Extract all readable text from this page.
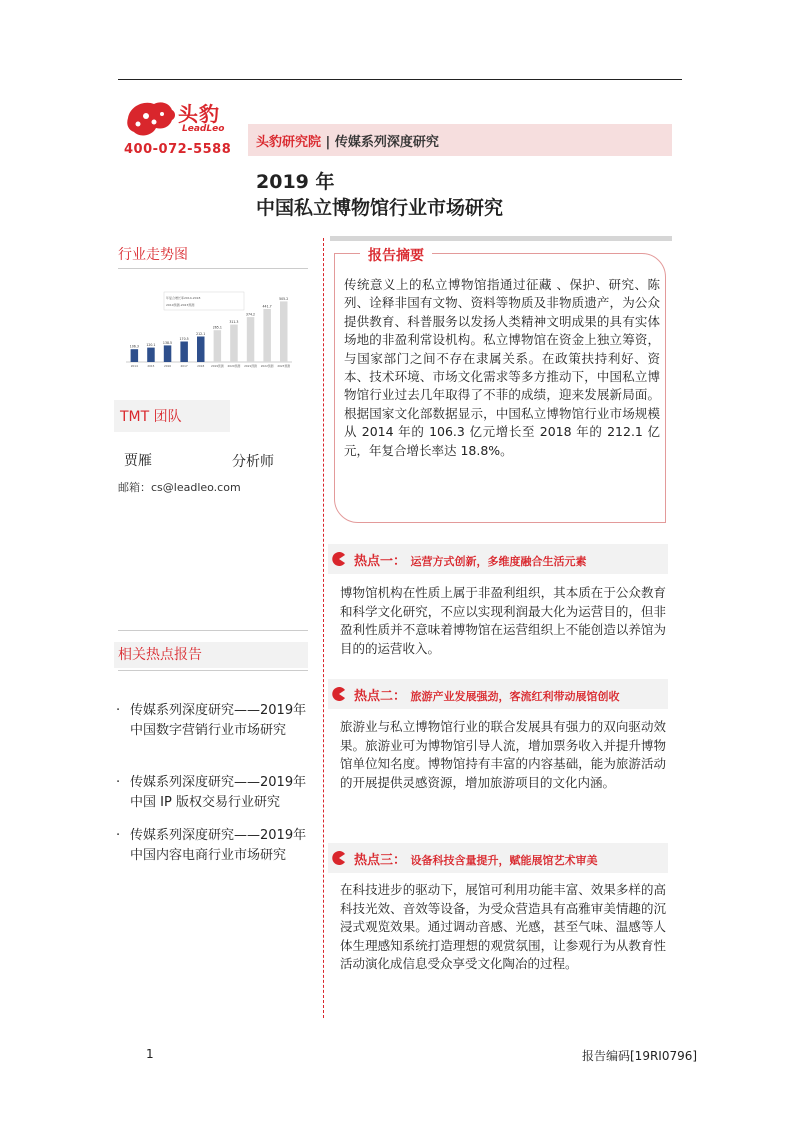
头豹
LeadLeo
400-072-5588 头豹研究院 | 传媒系列深度研究
2019 年
中国私立博物馆行业市场研究
行业走势图
年复合增长率2014-2018
2019预测-2023预测
106.3
2014
120.1
2015
138.5
2016
170.5
2017
212.1
2018
265.1
2019预测
311.3
2020预测
374.2
2021预测
441.7
2022预测
505.2
2023预测
TMT 团队
贾雁	分析师
邮箱：cs@leadleo.com
相关热点报告
· 传媒系列深度研究——2019年中国数字营销行业市场研究
· 传媒系列深度研究——2019年中国 IP 版权交易行业研究
· 传媒系列深度研究——2019年中国内容电商行业市场研究
报告摘要
传统意义上的私立博物馆指通过征藏 、保护、研究、陈列、诠释非国有文物、资料等物质及非物质遗产，为公众提供教育、科普服务以发扬人类精神文明成果的具有实体场地的非盈利常设机构。私立博物馆在资金上独立筹资，与国家部门之间不存在隶属关系。在政策扶持利好、资本、技术环境、市场文化需求等多方推动下，中国私立博物馆行业过去几年取得了不菲的成绩，迎来发展新局面。根据国家文化部数据显示，中国私立博物馆行业市场规模从 2014 年的 106.3 亿元增长至 2018 年的 212.1 亿元，年复合增长率达 18.8%。
热点一： 运营方式创新，多维度融合生活元素
博物馆机构在性质上属于非盈利组织，其本质在于公众教育和科学文化研究，不应以实现利润最大化为运营目的，但非盈利性质并不意味着博物馆在运营组织上不能创造以养馆为目的的运营收入。
热点二： 旅游产业发展强劲，客流红利带动展馆创收
旅游业与私立博物馆行业的联合发展具有强力的双向驱动效果。旅游业可为博物馆引导人流，增加票务收入并提升博物馆单位知名度。博物馆持有丰富的内容基础，能为旅游活动的开展提供灵感资源，增加旅游项目的文化内涵。
热点三： 设备科技含量提升，赋能展馆艺术审美
在科技进步的驱动下，展馆可利用功能丰富、效果多样的高科技光效、音效等设备，为受众营造具有高雅审美情趣的沉浸式观览效果。通过调动音感、光感，甚至气味、温感等人体生理感知系统打造理想的观赏氛围，让参观行为从教育性活动演化成信息受众享受文化陶冶的过程。
1	报告编码[19RI0796]
